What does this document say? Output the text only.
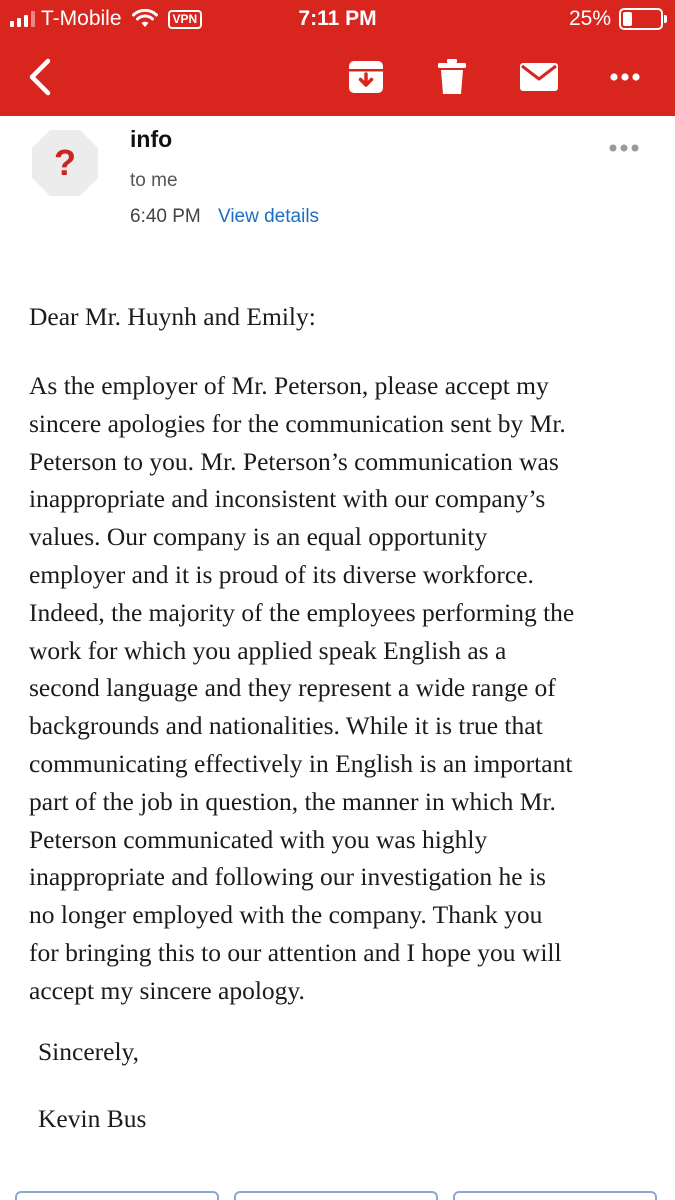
T-Mobile	VPN	7:11 PM	25%
?
info
to me
6:40 PM View details
Dear Mr. Huynh and Emily:
As the employer of Mr. Peterson, please accept my
sincere apologies for the communication sent by Mr.
Peterson to you. Mr. Peterson’s communication was
inappropriate and inconsistent with our company’s
values. Our company is an equal opportunity
employer and it is proud of its diverse workforce.
Indeed, the majority of the employees performing the
work for which you applied speak English as a
second language and they represent a wide range of
backgrounds and nationalities. While it is true that
communicating effectively in English is an important
part of the job in question, the manner in which Mr.
Peterson communicated with you was highly
inappropriate and following our investigation he is
no longer employed with the company. Thank you
for bringing this to our attention and I hope you will
accept my sincere apology.
Sincerely,
Kevin Bus
